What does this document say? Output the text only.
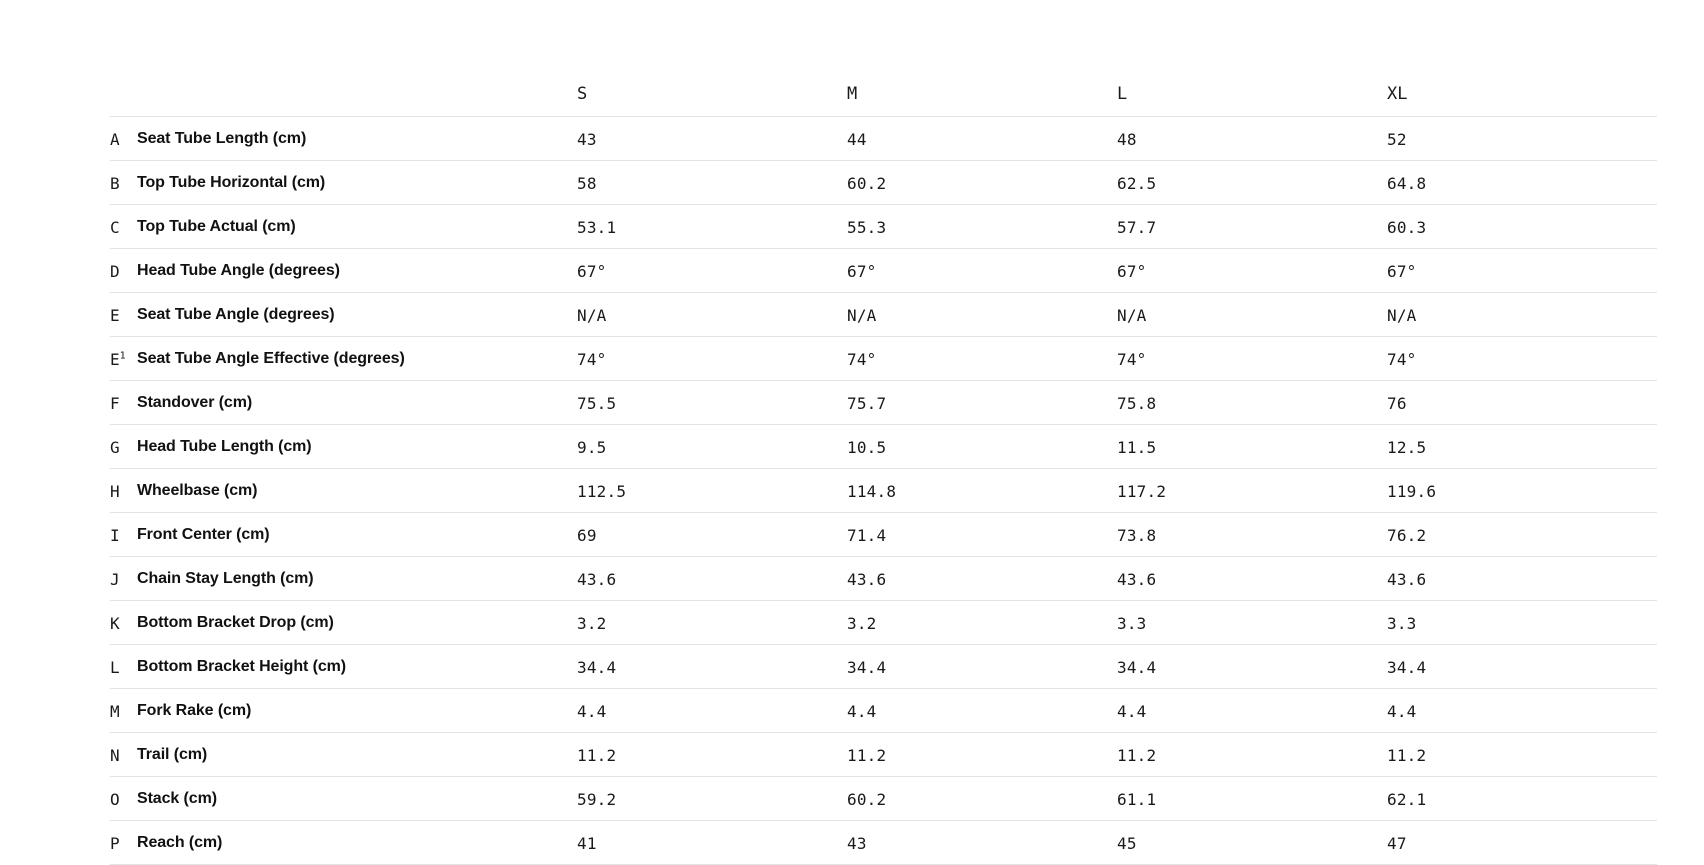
		S	M	L	XL
A	Seat Tube Length (cm)	43	44	48	52
B	Top Tube Horizontal (cm)	58	60.2	62.5	64.8
C	Top Tube Actual (cm)	53.1	55.3	57.7	60.3
D	Head Tube Angle (degrees)	67°	67°	67°	67°
E	Seat Tube Angle (degrees)	N/A	N/A	N/A	N/A
$E^1$	Seat Tube Angle Effective (degrees)	74°	74°	74°	74°
F	Standover (cm)	75.5	75.7	75.8	76
G	Head Tube Length (cm)	9.5	10.5	11.5	12.5
H	Wheelbase (cm)	112.5	114.8	117.2	119.6
I	Front Center (cm)	69	71.4	73.8	76.2
J	Chain Stay Length (cm)	43.6	43.6	43.6	43.6
K	Bottom Bracket Drop (cm)	3.2	3.2	3.3	3.3
L	Bottom Bracket Height (cm)	34.4	34.4	34.4	34.4
M	Fork Rake (cm)	4.4	4.4	4.4	4.4
N	Trail (cm)	11.2	11.2	11.2	11.2
O	Stack (cm)	59.2	60.2	61.1	62.1
P	Reach (cm)	41	43	45	47
